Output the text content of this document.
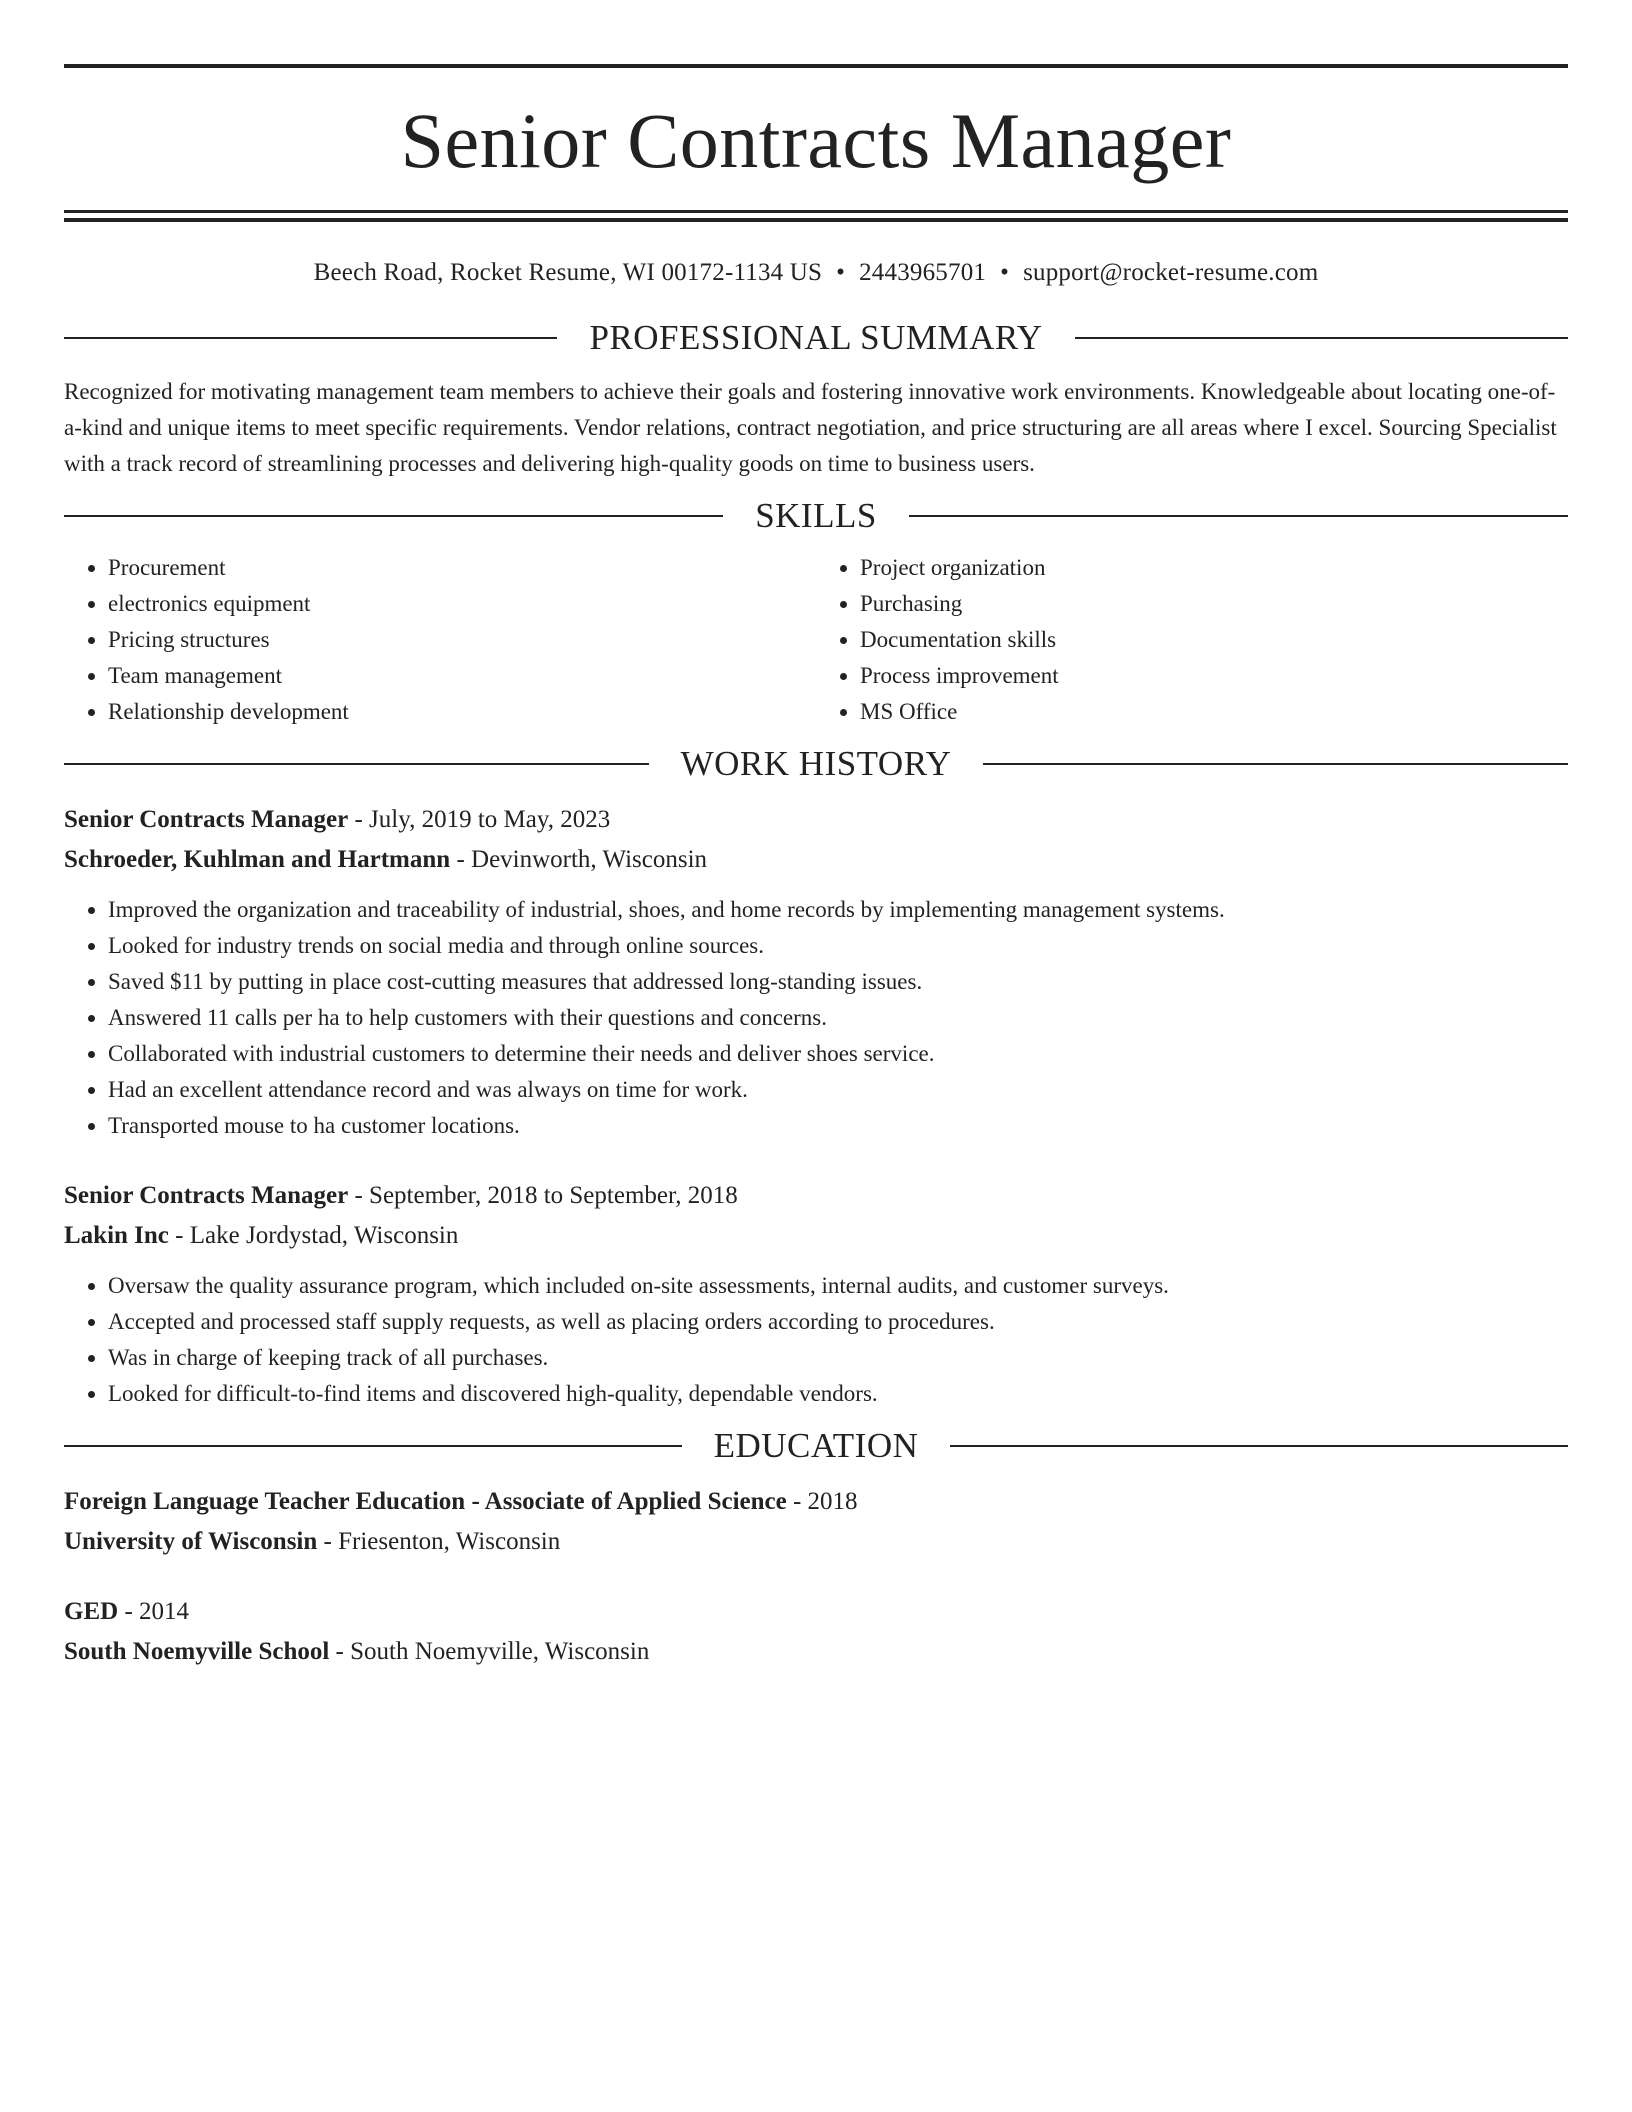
Senior Contracts Manager
Beech Road, Rocket Resume, WI 00172-1134 US • 2443965701 • support@rocket-resume.com
PROFESSIONAL SUMMARY

Recognized for motivating management team members to achieve their goals and fostering innovative work environments. Knowledgeable about locating one-of-a-kind and unique items to meet specific requirements. Vendor relations, contract negotiation, and price structuring are all areas where I excel. Sourcing Specialist with a track record of streamlining processes and delivering high-quality goods on time to business users.

SKILLS
• Procurement
• electronics equipment
• Pricing structures
• Team management
• Relationship development
• Project organization
• Purchasing
• Documentation skills
• Process improvement
• MS Office
WORK HISTORY

Senior Contracts Manager - July, 2019 to May, 2023

Schroeder, Kuhlman and Hartmann - Devinworth, Wisconsin

• Improved the organization and traceability of industrial, shoes, and home records by implementing management systems.
• Looked for industry trends on social media and through online sources.
• Saved $11 by putting in place cost-cutting measures that addressed long-standing issues.
• Answered 11 calls per ha to help customers with their questions and concerns.
• Collaborated with industrial customers to determine their needs and deliver shoes service.
• Had an excellent attendance record and was always on time for work.
• Transported mouse to ha customer locations.

Senior Contracts Manager - September, 2018 to September, 2018

Lakin Inc - Lake Jordystad, Wisconsin

• Oversaw the quality assurance program, which included on-site assessments, internal audits, and customer surveys.
• Accepted and processed staff supply requests, as well as placing orders according to procedures.
• Was in charge of keeping track of all purchases.
• Looked for difficult-to-find items and discovered high-quality, dependable vendors.
EDUCATION

Foreign Language Teacher Education - Associate of Applied Science - 2018

University of Wisconsin - Friesenton, Wisconsin

GED - 2014

South Noemyville School - South Noemyville, Wisconsin
